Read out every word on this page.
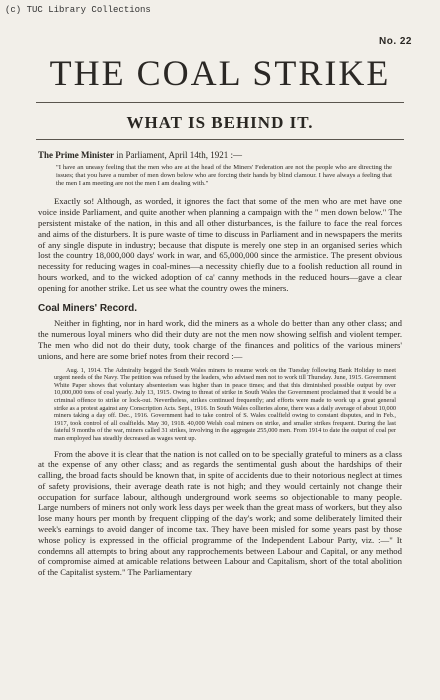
(c) TUC Library Collections
No. 22
THE COAL STRIKE
WHAT IS BEHIND IT.

The Prime Minister in Parliament, April 14th, 1921 :—

"I have an uneasy feeling that the men who are at the head of the Miners' Federation are not the people who are directing the issues; that you have a number of men down below who are forcing their hands by blind clamour. I have always a feeling that the men I am meeting are not the men I am dealing with."

Exactly so! Although, as worded, it ignores the fact that some of the men who are met have one voice inside Parliament, and quite another when planning a campaign with the " men down below." The persistent mistake of the nation, in this and all other disturbances, is the failure to face the real forces and aims of the disturbers. It is pure waste of time to discuss in Parliament and in newspapers the merits of any single dispute in industry; because that dispute is merely one step in an organised series which lost the country 18,000,000 days' work in war, and 65,000,000 since the armistice. The present obvious necessity for reducing wages in coal-mines—a necessity chiefly due to a foolish reduction all round in hours worked, and to the wicked adoption of ca' canny methods in the reduced hours—gave a clear opening for another strike. Let us see what the country owes the miners.

Coal Miners' Record.

Neither in fighting, nor in hard work, did the miners as a whole do better than any other class; and the numerous loyal miners who did their duty are not the men now showing selfish and violent temper. The men who did not do their duty, took charge of the finances and politics of the various miners' unions, and here are some brief notes from their record :—

Aug. 1, 1914. The Admiralty begged the South Wales miners to resume work on the Tuesday following Bank Holiday to meet urgent needs of the Navy. The petition was refused by the leaders, who advised men not to work till Thursday. June, 1915. Government White Paper shows that voluntary absenteeism was higher than in peace times; and that this diminished possible output by over 10,000,000 tons of coal yearly. July 13, 1915. Owing to threat of strike in South Wales the Government proclaimed that it would be a criminal offence to strike or lock-out. Nevertheless, strikes continued frequently; and efforts were made to work up a great general strike as a protest against any Conscription Acts. Sept., 1916. In South Wales collieries alone, there was a daily average of about 10,000 miners taking a day off. Dec., 1916. Government had to take control of S. Wales coalfield owing to constant disputes, and in Feb., 1917, took control of all coalfields. May 30, 1918. 40,000 Welsh coal miners on strike, and smaller strikes frequent. During the last fateful 9 months of the war, miners called 31 strikes, involving in the aggregate 255,000 men. From 1914 to date the output of coal per man employed has steadily decreased as wages went up.

From the above it is clear that the nation is not called on to be specially grateful to miners as a class at the expense of any other class; and as regards the sentimental gush about the hardships of their calling, the broad facts should be known that, in spite of accidents due to their notorious neglect at times of safety provisions, their average death rate is not high; and they would certainly not change their occupation for surface labour, although underground work seems so objectionable to many people. Large numbers of miners not only work less days per week than the great mass of workers, but they also lose many hours per month by frequent clipping of the day's work; and some deliberately limited their week's earnings to avoid danger of income tax. They have been misled for some years past by those whose policy is expressed in the official programme of the Independent Labour Party, viz. :—" It condemns all attempts to bring about any rapprochements between Labour and Capital, or any method of compromise aimed at amicable relations between Labour and Capitalism, short of the total abolition of the Capitalist system." The Parliamentary
